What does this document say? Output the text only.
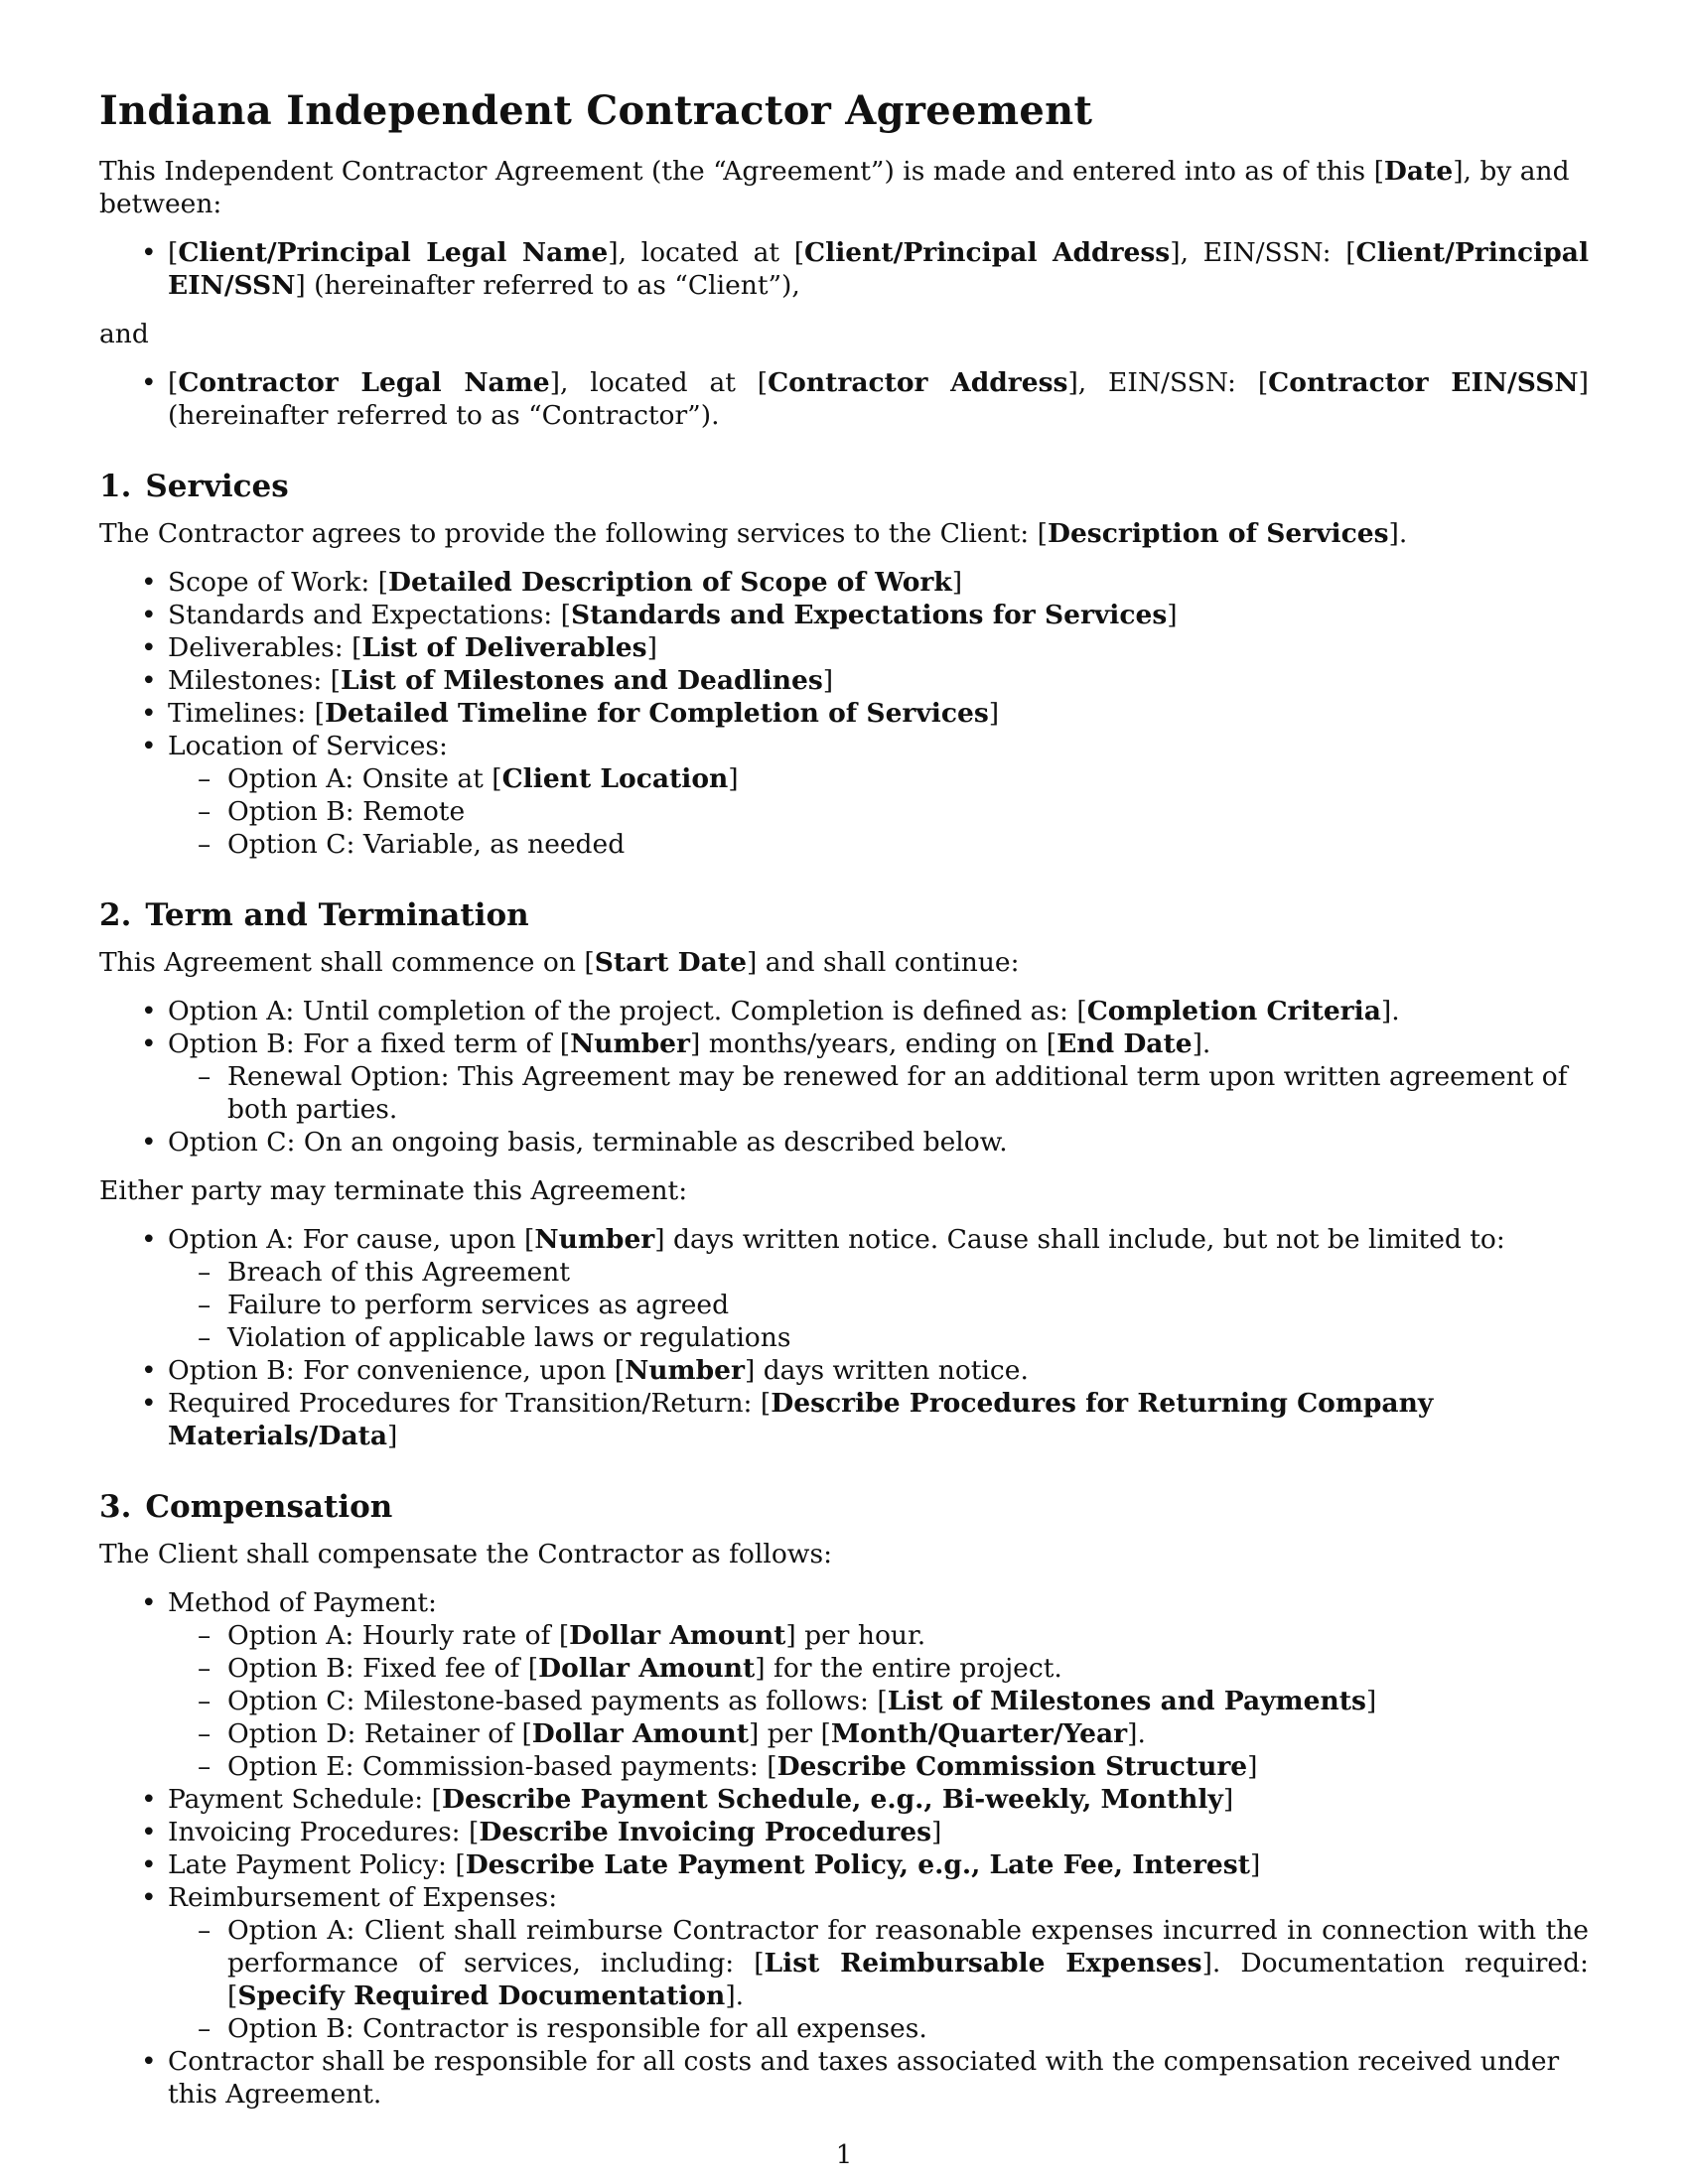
Indiana Independent Contractor Agreement

This Independent Contractor Agreement (the “Agreement”) is made and entered into as of this [Date], by and between:

• [Client/Principal Legal Name], located at [Client/Principal Address], EIN/SSN: [Client/Principal EIN/SSN] (hereinafter referred to as “Client”),

and

• [Contractor Legal Name], located at [Contractor Address], EIN/SSN: [Contractor EIN/SSN] (hereinafter referred to as “Contractor”).
1. Services

The Contractor agrees to provide the following services to the Client: [Description of Services].

• Scope of Work: [Detailed Description of Scope of Work]
• Standards and Expectations: [Standards and Expectations for Services]
• Deliverables: [List of Deliverables]
• Milestones: [List of Milestones and Deadlines]
• Timelines: [Detailed Timeline for Completion of Services]
• Location of Services:
– Option A: Onsite at [Client Location]
– Option B: Remote
– Option C: Variable, as needed
2. Term and Termination

This Agreement shall commence on [Start Date] and shall continue:

• Option A: Until completion of the project. Completion is defined as: [Completion Criteria].
• Option B: For a fixed term of [Number] months/years, ending on [End Date].
– Renewal Option: This Agreement may be renewed for an additional term upon written agreement of both parties.
• Option C: On an ongoing basis, terminable as described below.

Either party may terminate this Agreement:

• Option A: For cause, upon [Number] days written notice. Cause shall include, but not be limited to:
– Breach of this Agreement
– Failure to perform services as agreed
– Violation of applicable laws or regulations
• Option B: For convenience, upon [Number] days written notice.
• Required Procedures for Transition/Return: [Describe Procedures for Returning Company Materials/Data]
3. Compensation

The Client shall compensate the Contractor as follows:

• Method of Payment:
– Option A: Hourly rate of [Dollar Amount] per hour.
– Option B: Fixed fee of [Dollar Amount] for the entire project.
– Option C: Milestone-based payments as follows: [List of Milestones and Payments]
– Option D: Retainer of [Dollar Amount] per [Month/Quarter/Year].
– Option E: Commission-based payments: [Describe Commission Structure]
• Payment Schedule: [Describe Payment Schedule, e.g., Bi-weekly, Monthly]
• Invoicing Procedures: [Describe Invoicing Procedures]
• Late Payment Policy: [Describe Late Payment Policy, e.g., Late Fee, Interest]
• Reimbursement of Expenses:
– Option A: Client shall reimburse Contractor for reasonable expenses incurred in connection with the performance of services, including: [List Reimbursable Expenses]. Documentation required: [Specify Required Documentation].
– Option B: Contractor is responsible for all expenses.
• Contractor shall be responsible for all costs and taxes associated with the compensation received under this Agreement.
1
